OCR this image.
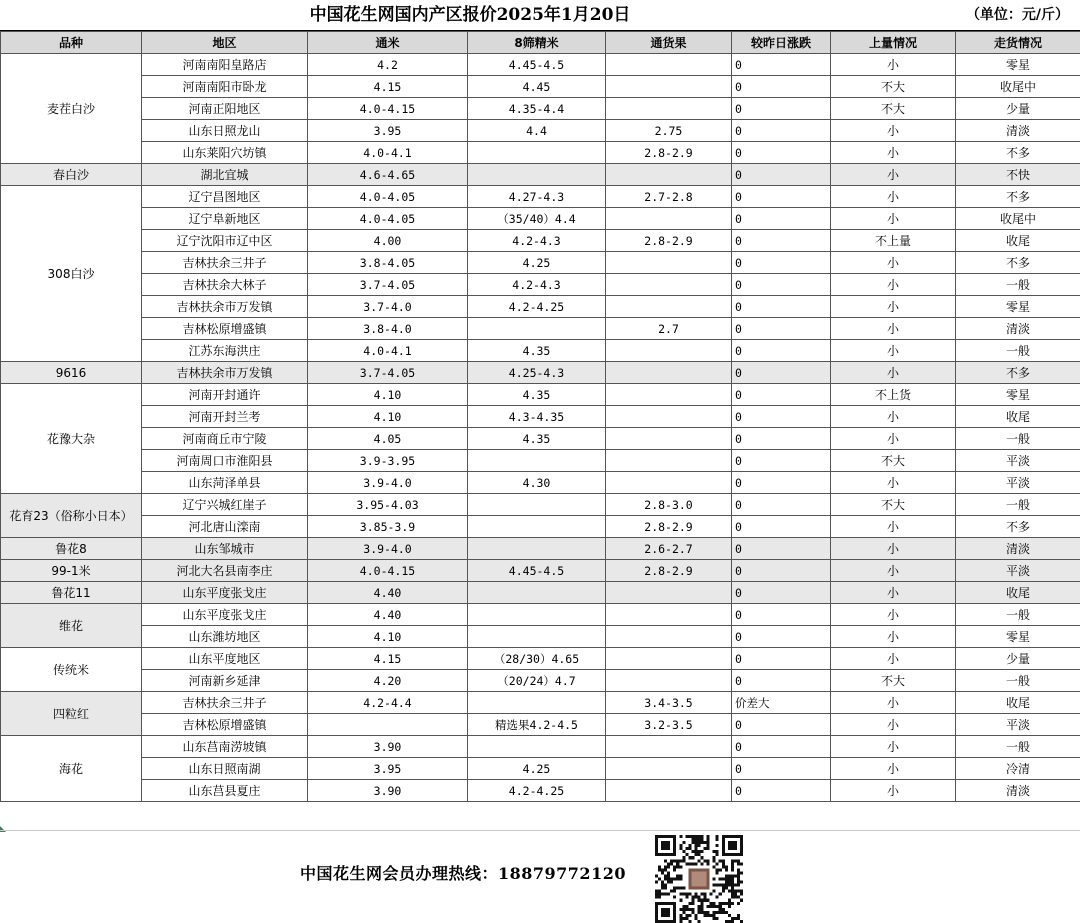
中国花生网国内产区报价2025年1月20日	（单位：元/斤）
品种	地区	通米	8筛精米	通货果	较昨日涨跌	上量情况	走货情况
麦茬白沙	河南南阳皇路店	4.2	4.45-4.5		0	小	零星
	河南南阳市卧龙	4.15	4.45		0	不大	收尾中
	河南正阳地区	4.0-4.15	4.35-4.4		0	不大	少量
	山东日照龙山	3.95	4.4	2.75	0	小	清淡
	山东莱阳穴坊镇	4.0-4.1		2.8-2.9	0	小	不多
春白沙	湖北宜城	4.6-4.65			0	小	不快
308白沙	辽宁昌图地区	4.0-4.05	4.27-4.3	2.7-2.8	0	小	不多
	辽宁阜新地区	4.0-4.05	（35/40）4.4		0	小	收尾中
	辽宁沈阳市辽中区	4.00	4.2-4.3	2.8-2.9	0	不上量	收尾
	吉林扶余三井子	3.8-4.05	4.25		0	小	不多
	吉林扶余大林子	3.7-4.05	4.2-4.3		0	小	一般
	吉林扶余市万发镇	3.7-4.0	4.2-4.25		0	小	零星
	吉林松原增盛镇	3.8-4.0		2.7	0	小	清淡
	江苏东海洪庄	4.0-4.1	4.35		0	小	一般
9616	吉林扶余市万发镇	3.7-4.05	4.25-4.3		0	小	不多
花豫大杂	河南开封通许	4.10	4.35		0	不上货	零星
	河南开封兰考	4.10	4.3-4.35		0	小	收尾
	河南商丘市宁陵	4.05	4.35		0	小	一般
	河南周口市淮阳县	3.9-3.95			0	不大	平淡
	山东菏泽单县	3.9-4.0	4.30		0	小	平淡
花育23（俗称小日本）	辽宁兴城红崖子	3.95-4.03		2.8-3.0	0	不大	一般
	河北唐山滦南	3.85-3.9		2.8-2.9	0	小	不多
鲁花8	山东邹城市	3.9-4.0		2.6-2.7	0	小	清淡
99-1米	河北大名县南李庄	4.0-4.15	4.45-4.5	2.8-2.9	0	小	平淡
鲁花11	山东平度张戈庄	4.40			0	小	收尾
维花	山东平度张戈庄	4.40			0	小	一般
	山东潍坊地区	4.10			0	小	零星
传统米	山东平度地区	4.15	（28/30）4.65		0	小	少量
	河南新乡延津	4.20	（20/24）4.7		0	不大	一般
四粒红	吉林扶余三井子	4.2-4.4		3.4-3.5	价差大	小	收尾
	吉林松原增盛镇		精选果4.2-4.5	3.2-3.5	0	小	平淡
海花	山东莒南涝坡镇	3.90			0	小	一般
	山东日照南湖	3.95	4.25		0	小	冷清
	山东莒县夏庄	3.90	4.2-4.25		0	小	清淡
中国花生网会员办理热线：18879772120
